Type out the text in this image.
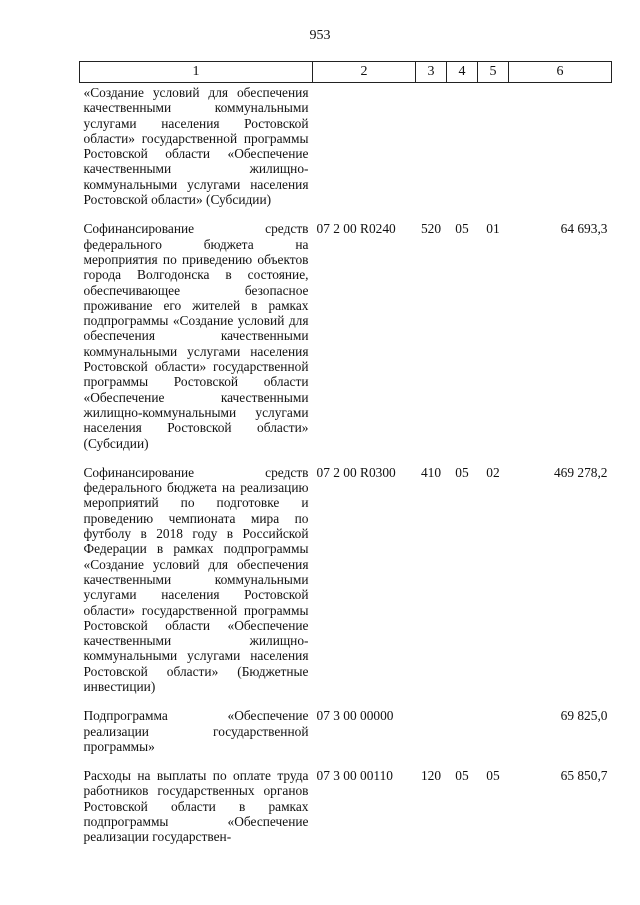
953
1	2	3	4	5	6
«Создание условий для обеспечения качественными коммунальными услугами населения Ростовской области» государственной программы Ростовской области «Обеспечение качественными жилищно-коммунальными услугами населения Ростовской области» (Субсидии)					
Софинансирование средств федерального бюджета на мероприятия по приведению объектов города Волгодонска в состояние, обеспечивающее безопасное проживание его жителей в рамках подпрограммы «Создание условий для обеспечения качественными коммунальными услугами населения Ростовской области» государственной программы Ростовской области «Обеспечение качественными жилищно-коммунальными услугами населения Ростовской области» (Субсидии)	07 2 00 R0240	520	05	01	64 693,3
Софинансирование средств федерального бюджета на реализацию мероприятий по подготовке и проведению чемпионата мира по футболу в 2018 году в Российской Федерации в рамках подпрограммы «Создание условий для обеспечения качественными коммунальными услугами населения Ростовской области» государственной программы Ростовской области «Обеспечение качественными жилищно-коммунальными услугами населения Ростовской области» (Бюджетные инвестиции)	07 2 00 R0300	410	05	02	469 278,2
Подпрограмма «Обеспечение реализации государственной программы»	07 3 00 00000				69 825,0
Расходы на выплаты по оплате труда работников государственных органов Ростовской области в рамках подпрограммы «Обеспечение реализации государствен-	07 3 00 00110	120	05	05	65 850,7
